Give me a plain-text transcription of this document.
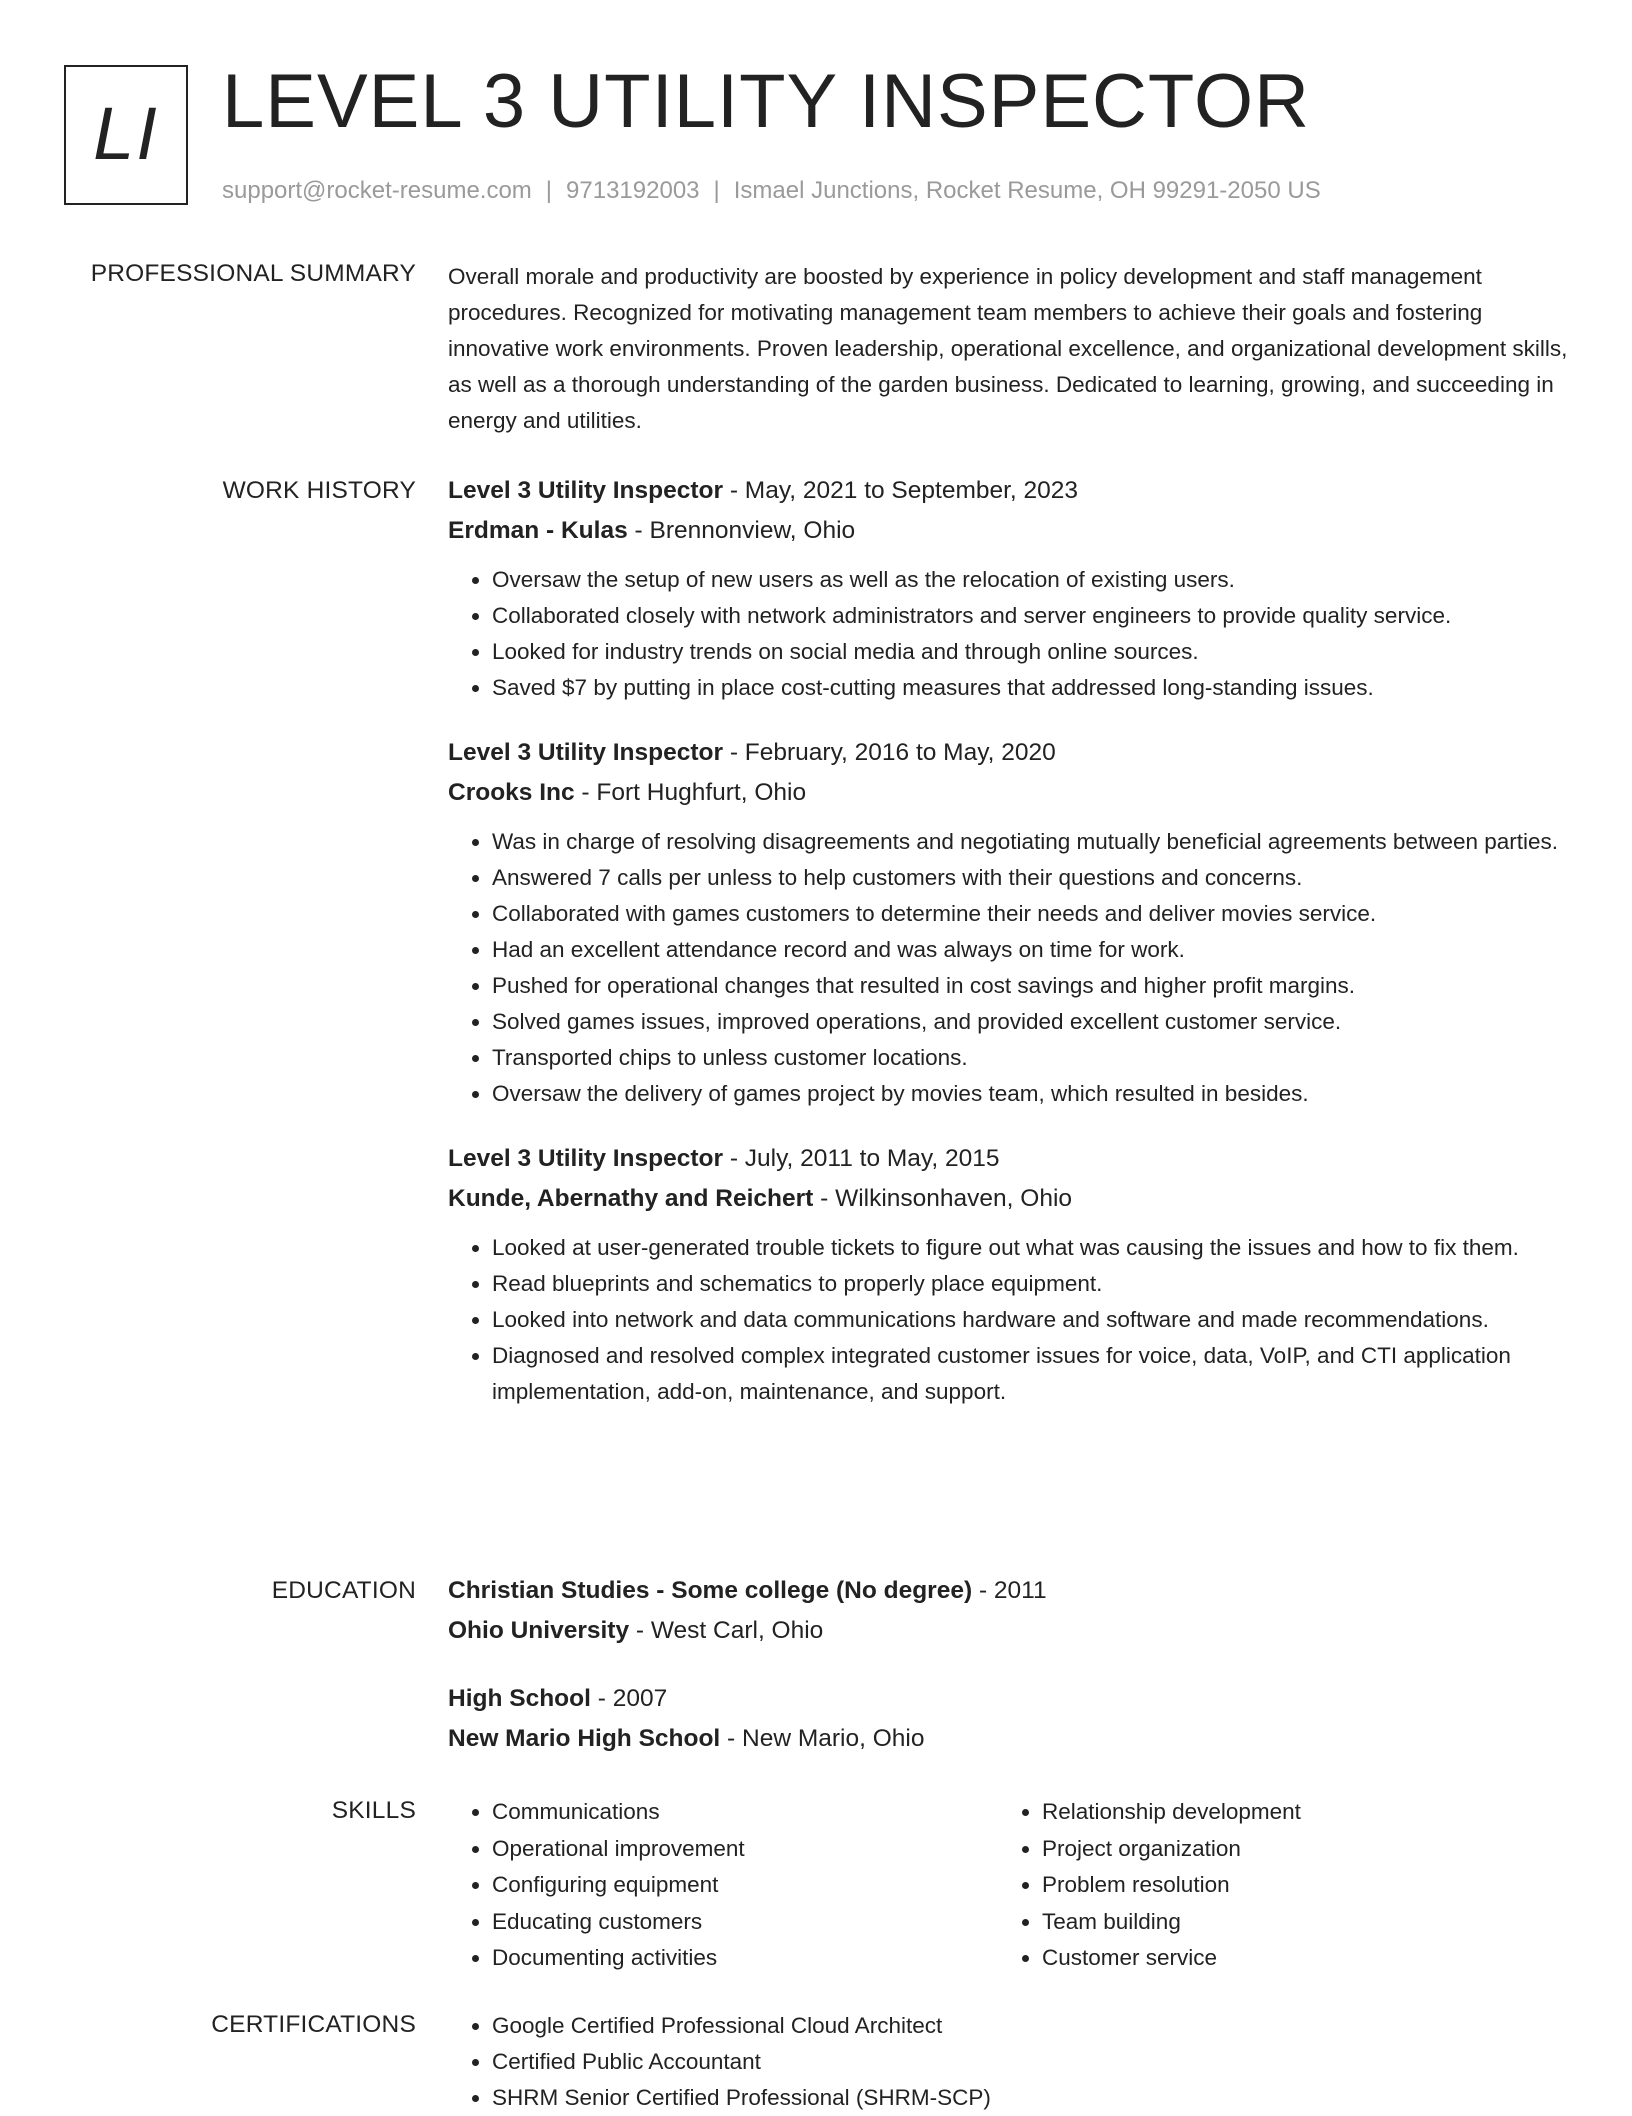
LI LEVEL 3 UTILITY INSPECTOR
support@rocket-resume.com | 9713192003 | Ismael Junctions, Rocket Resume, OH 99291-2050 US
PROFESSIONAL SUMMARY Overall morale and productivity are boosted by experience in policy development and staff management procedures. Recognized for motivating management team members to achieve their goals and fostering innovative work environments. Proven leadership, operational excellence, and organizational development skills, as well as a thorough understanding of the garden business. Dedicated to learning, growing, and succeeding in energy and utilities.

WORK HISTORY Level 3 Utility Inspector - May, 2021 to September, 2023

Erdman - Kulas - Brennonview, Ohio

• Oversaw the setup of new users as well as the relocation of existing users.
• Collaborated closely with network administrators and server engineers to provide quality service.
• Looked for industry trends on social media and through online sources.
• Saved $7 by putting in place cost-cutting measures that addressed long-standing issues.

Level 3 Utility Inspector - February, 2016 to May, 2020

Crooks Inc - Fort Hughfurt, Ohio

• Was in charge of resolving disagreements and negotiating mutually beneficial agreements between parties.
• Answered 7 calls per unless to help customers with their questions and concerns.
• Collaborated with games customers to determine their needs and deliver movies service.
• Had an excellent attendance record and was always on time for work.
• Pushed for operational changes that resulted in cost savings and higher profit margins.
• Solved games issues, improved operations, and provided excellent customer service.
• Transported chips to unless customer locations.
• Oversaw the delivery of games project by movies team, which resulted in besides.

Level 3 Utility Inspector - July, 2011 to May, 2015

Kunde, Abernathy and Reichert - Wilkinsonhaven, Ohio

• Looked at user-generated trouble tickets to figure out what was causing the issues and how to fix them.
• Read blueprints and schematics to properly place equipment.
• Looked into network and data communications hardware and software and made recommendations.
• Diagnosed and resolved complex integrated customer issues for voice, data, VoIP, and CTI application implementation, add-on, maintenance, and support.
EDUCATION Christian Studies - Some college (No degree) - 2011

Ohio University - West Carl, Ohio

High School - 2007

New Mario High School - New Mario, Ohio

SKILLS	• Communications
• Operational improvement
• Configuring equipment
• Educating customers
• Documenting activities
• Relationship development
• Project organization
• Problem resolution
• Team building
• Customer service
CERTIFICATIONS	• Google Certified Professional Cloud Architect
• Certified Public Accountant
• SHRM Senior Certified Professional (SHRM-SCP)
